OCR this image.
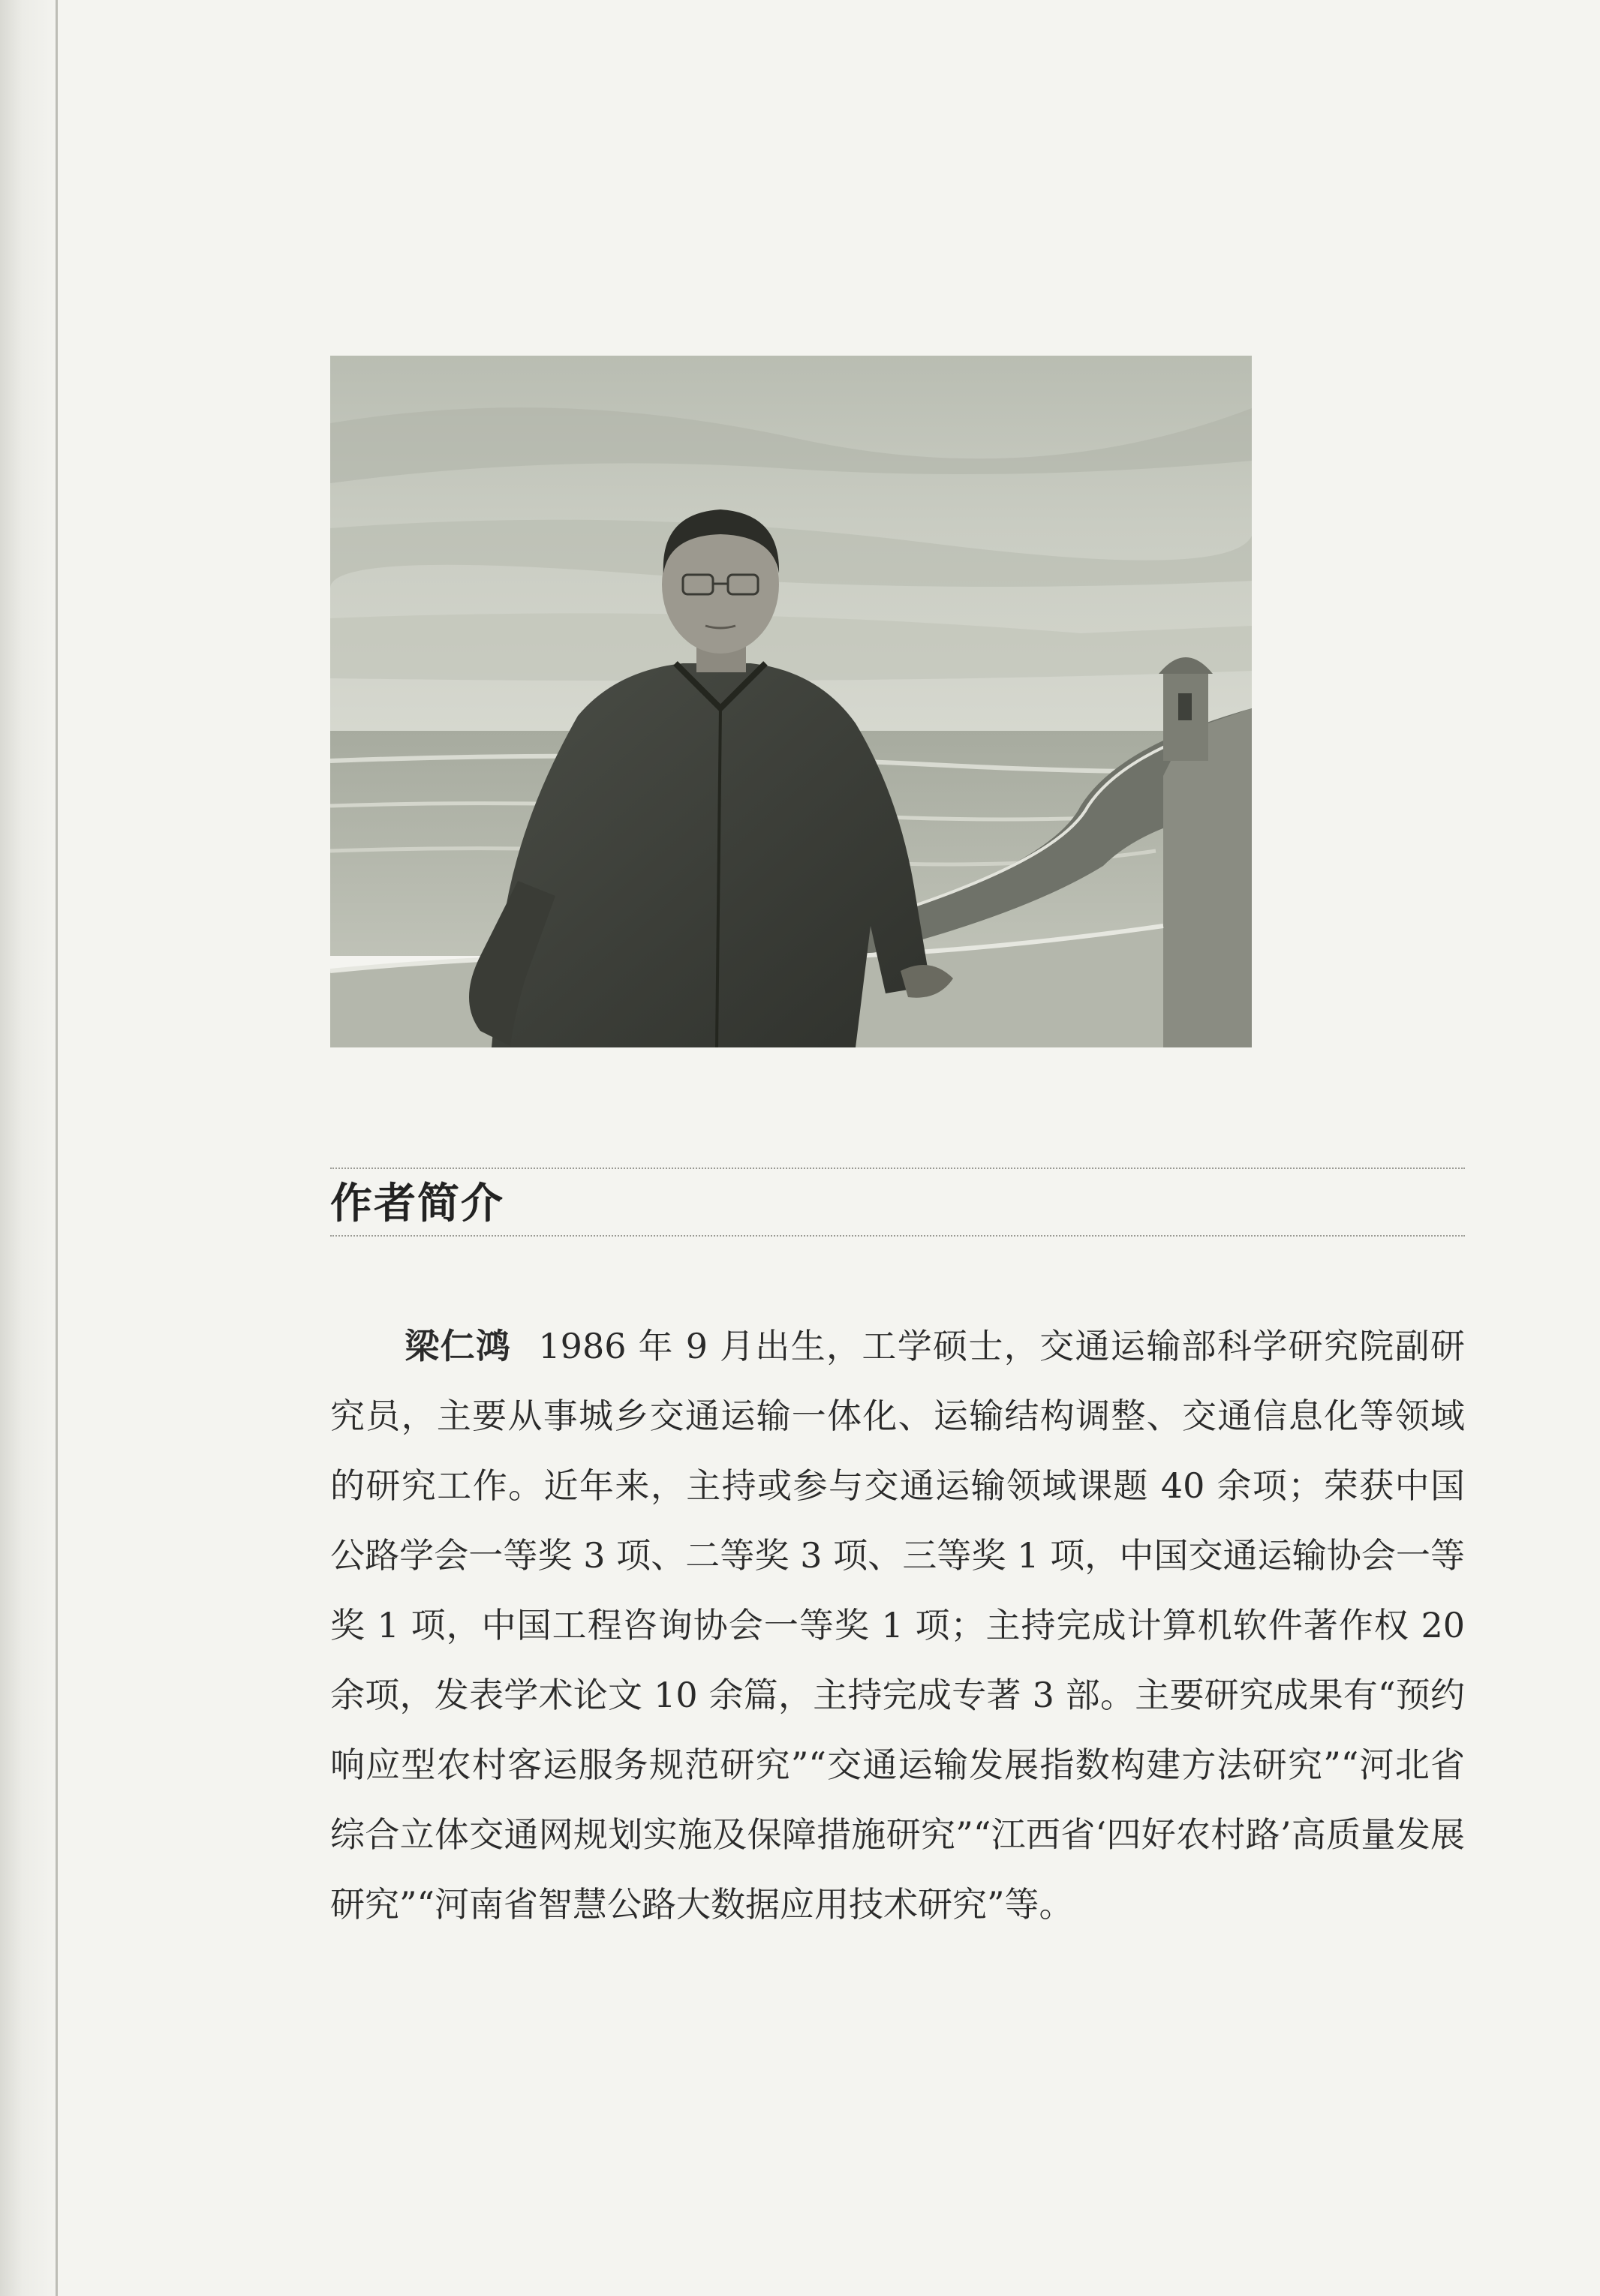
作者简介
梁仁鸿 1986 年 9 月出生，工学硕士，交通运输部科学研究院副研究员，主要从事城乡交通运输一体化、运输结构调整、交通信息化等领域的研究工作。近年来，主持或参与交通运输领域课题 40 余项；荣获中国公路学会一等奖 3 项、二等奖 3 项、三等奖 1 项，中国交通运输协会一等奖 1 项，中国工程咨询协会一等奖 1 项；主持完成计算机软件著作权 20 余项，发表学术论文 10 余篇，主持完成专著 3 部。主要研究成果有“预约响应型农村客运服务规范研究”“交通运输发展指数构建方法研究”“河北省综合立体交通网规划实施及保障措施研究”“江西省‘四好农村路’高质量发展研究”“河南省智慧公路大数据应用技术研究”等。
